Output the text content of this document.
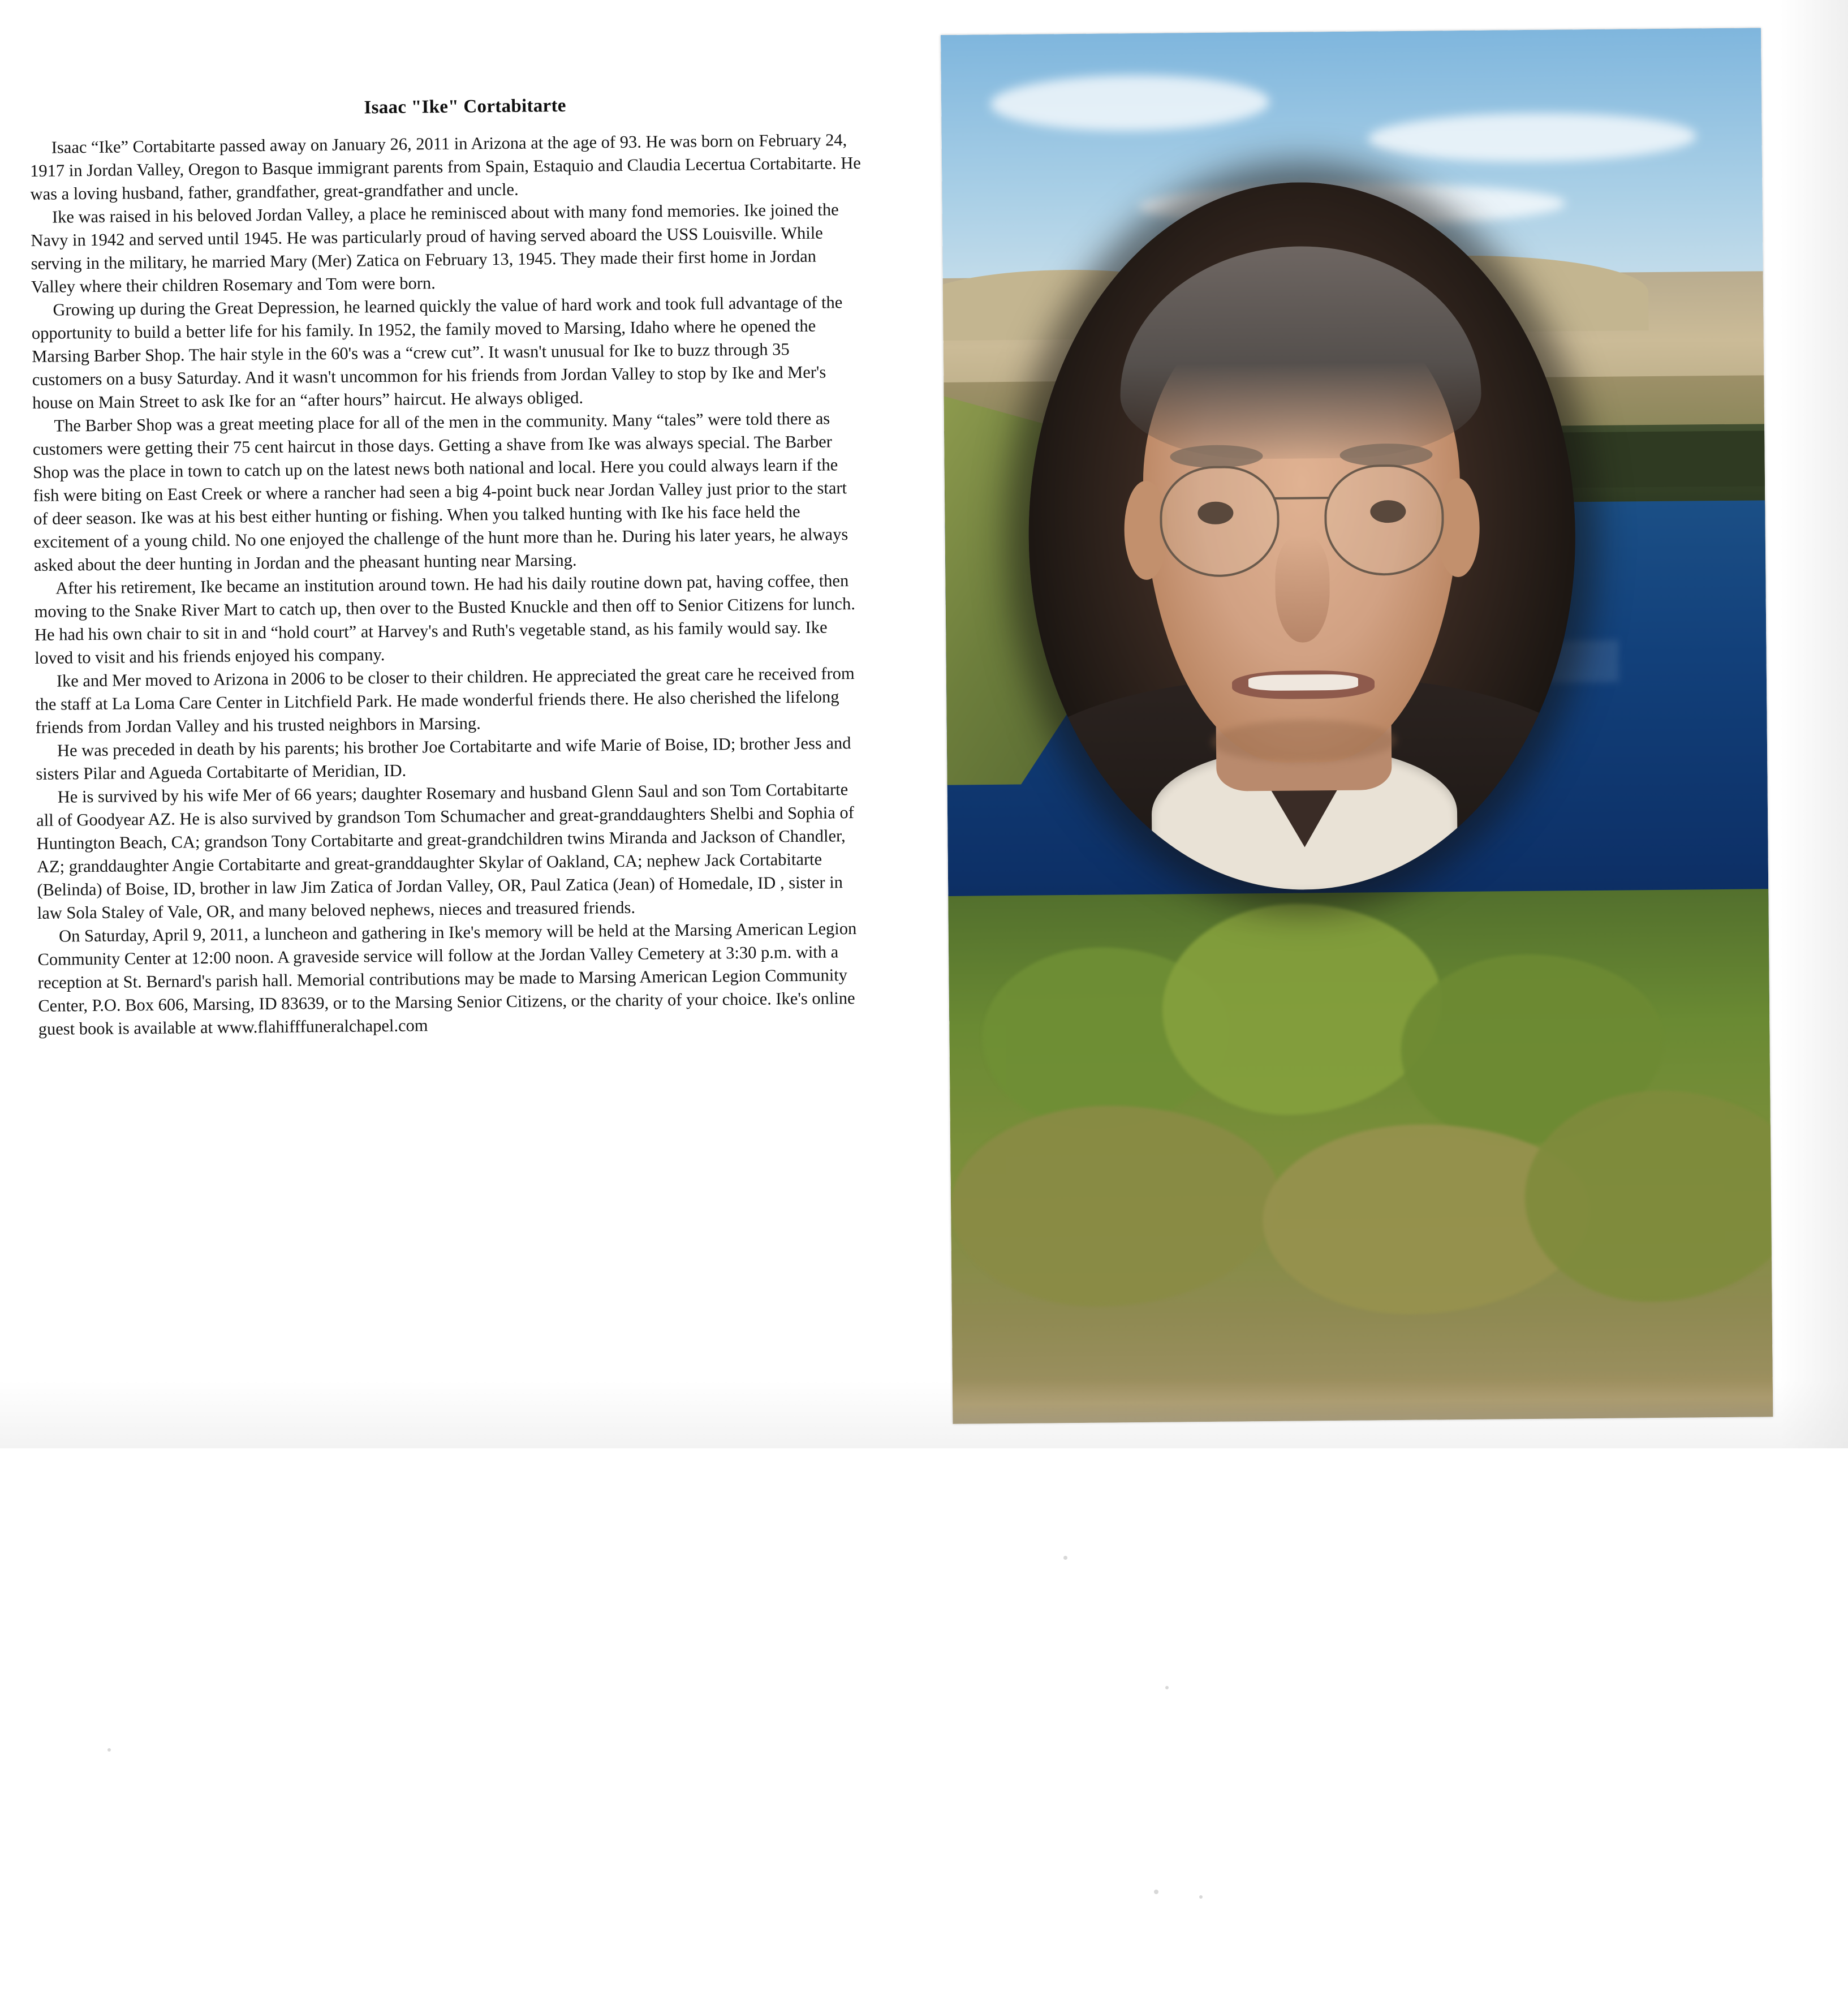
Isaac "Ike" Cortabitarte

Isaac “Ike” Cortabitarte passed away on January 26, 2011 in Arizona at the age of 93. He was born on February 24, 1917 in Jordan Valley, Oregon to Basque immigrant parents from Spain, Estaquio and Claudia Lecertua Cortabitarte. He was a loving husband, father, grandfather, great-grandfather and uncle.

Ike was raised in his beloved Jordan Valley, a place he reminisced about with many fond memories. Ike joined the Navy in 1942 and served until 1945. He was particularly proud of having served aboard the USS Louisville. While serving in the military, he married Mary (Mer) Zatica on February 13, 1945. They made their first home in Jordan Valley where their children Rosemary and Tom were born.

Growing up during the Great Depression, he learned quickly the value of hard work and took full advantage of the opportunity to build a better life for his family. In 1952, the family moved to Marsing, Idaho where he opened the Marsing Barber Shop. The hair style in the 60's was a “crew cut”. It wasn't unusual for Ike to buzz through 35 customers on a busy Saturday. And it wasn't uncommon for his friends from Jordan Valley to stop by Ike and Mer's house on Main Street to ask Ike for an “after hours” haircut. He always obliged.

The Barber Shop was a great meeting place for all of the men in the community. Many “tales” were told there as customers were getting their 75 cent haircut in those days. Getting a shave from Ike was always special. The Barber Shop was the place in town to catch up on the latest news both national and local. Here you could always learn if the fish were biting on East Creek or where a rancher had seen a big 4-point buck near Jordan Valley just prior to the start of deer season. Ike was at his best either hunting or fishing. When you talked hunting with Ike his face held the excitement of a young child. No one enjoyed the challenge of the hunt more than he. During his later years, he always asked about the deer hunting in Jordan and the pheasant hunting near Marsing.

After his retirement, Ike became an institution around town. He had his daily routine down pat, having coffee, then moving to the Snake River Mart to catch up, then over to the Busted Knuckle and then off to Senior Citizens for lunch. He had his own chair to sit in and “hold court” at Harvey's and Ruth's vegetable stand, as his family would say. Ike loved to visit and his friends enjoyed his company.

Ike and Mer moved to Arizona in 2006 to be closer to their children. He appreciated the great care he received from the staff at La Loma Care Center in Litchfield Park. He made wonderful friends there. He also cherished the lifelong friends from Jordan Valley and his trusted neighbors in Marsing.

He was preceded in death by his parents; his brother Joe Cortabitarte and wife Marie of Boise, ID; brother Jess and sisters Pilar and Agueda Cortabitarte of Meridian, ID.

He is survived by his wife Mer of 66 years; daughter Rosemary and husband Glenn Saul and son Tom Cortabitarte all of Goodyear AZ. He is also survived by grandson Tom Schumacher and great-granddaughters Shelbi and Sophia of Huntington Beach, CA; grandson Tony Cortabitarte and great-grandchildren twins Miranda and Jackson of Chandler, AZ; granddaughter Angie Cortabitarte and great-granddaughter Skylar of Oakland, CA; nephew Jack Cortabitarte (Belinda) of Boise, ID, brother in law Jim Zatica of Jordan Valley, OR, Paul Zatica (Jean) of Homedale, ID , sister in law Sola Staley of Vale, OR, and many beloved nephews, nieces and treasured friends.

On Saturday, April 9, 2011, a luncheon and gathering in Ike's memory will be held at the Marsing American Legion Community Center at 12:00 noon. A graveside service will follow at the Jordan Valley Cemetery at 3:30 p.m. with a reception at St. Bernard's parish hall. Memorial contributions may be made to Marsing American Legion Community Center, P.O. Box 606, Marsing, ID 83639, or to the Marsing Senior Citizens, or the charity of your choice. Ike's online guest book is available at www.flahifffuneralchapel.com
